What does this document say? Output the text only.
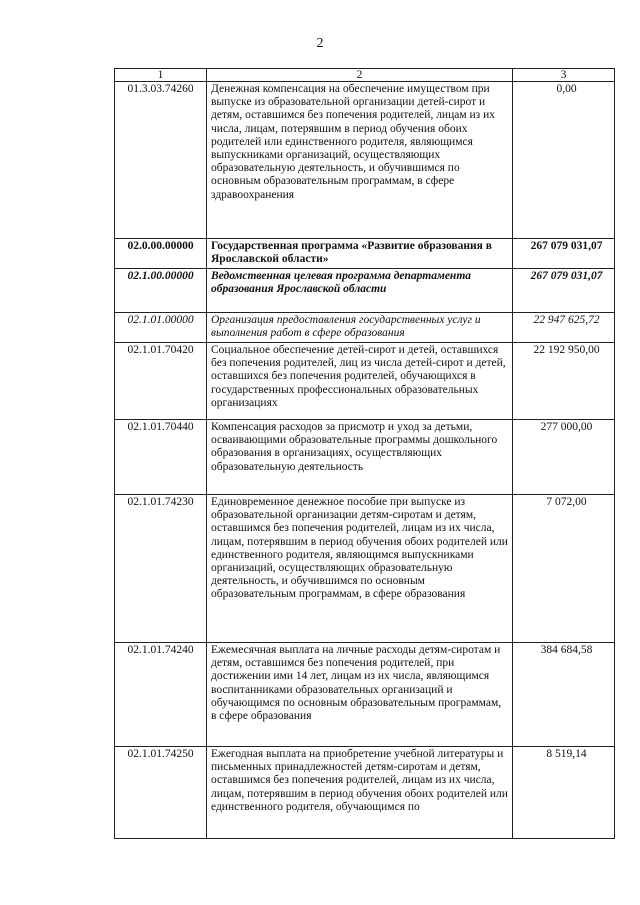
2
1	2	3
01.3.03.74260	Денежная компенсация на обеспечение имуществом при выпуске из образовательной организации детей-сирот и детям, оставшимся без попечения родителей, лицам из их числа, лицам, потерявшим в период обучения обоих родителей или единственного родителя, являющимся выпускниками организаций, осуществляющих образовательную деятельность, и обучившимся по основным образовательным программам, в сфере здравоохранения	0,00
02.0.00.00000	Государственная программа «Развитие образования в Ярославской области»	267 079 031,07
02.1.00.00000	Ведомственная целевая программа департамента образования Ярославской области	267 079 031,07
02.1.01.00000	Организация предоставления государственных услуг и выполнения работ в сфере образования	22 947 625,72
02.1.01.70420	Социальное обеспечение детей-сирот и детей, оставшихся без попечения родителей, лиц из числа детей-сирот и детей, оставшихся без попечения родителей, обучающихся в государственных профессиональных образовательных организациях	22 192 950,00
02.1.01.70440	Компенсация расходов за присмотр и уход за детьми, осваивающими образовательные программы дошкольного образования в организациях, осуществляющих образовательную деятельность	277 000,00
02.1.01.74230	Единовременное денежное пособие при выпуске из образовательной организации детям-сиротам и детям, оставшимся без попечения родителей, лицам из их числа, лицам, потерявшим в период обучения обоих родителей или единственного родителя, являющимся выпускниками организаций, осуществляющих образовательную деятельность, и обучившимся по основным образовательным программам, в сфере образования	7 072,00
02.1.01.74240	Ежемесячная выплата на личные расходы детям-сиротам и детям, оставшимся без попечения родителей, при достижении ими 14 лет, лицам из их числа, являющимся воспитанниками образовательных организаций и обучающимся по основным образовательным программам, в сфере образования	384 684,58
02.1.01.74250	Ежегодная выплата на приобретение учебной литературы и письменных принадлежностей детям-сиротам и детям, оставшимся без попечения родителей, лицам из их числа, лицам, потерявшим в период обучения обоих родителей или единственного родителя, обучающимся по	8 519,14
